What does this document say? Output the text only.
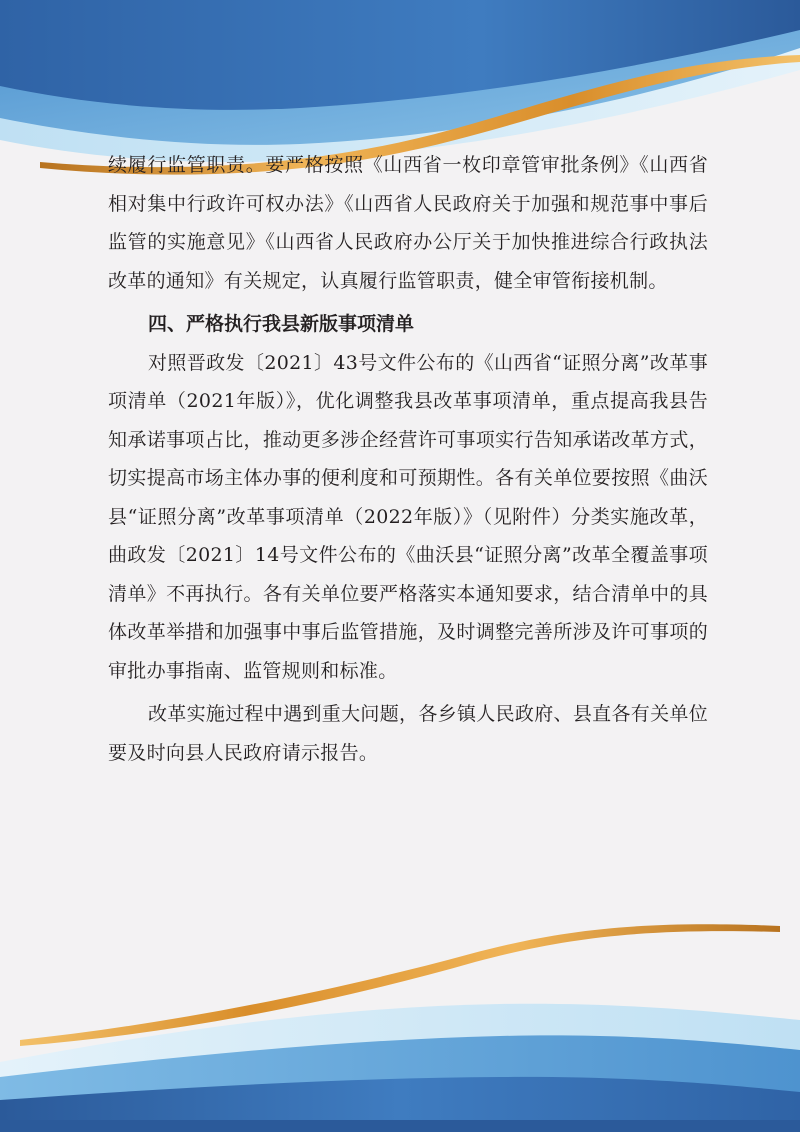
续履行监管职责。要严格按照《山西省一枚印章管审批条例》《山西省相对集中行政许可权办法》《山西省人民政府关于加强和规范事中事后监管的实施意见》《山西省人民政府办公厅关于加快推进综合行政执法改革的通知》有关规定，认真履行监管职责，健全审管衔接机制。

四、严格执行我县新版事项清单

对照晋政发〔2021〕43号文件公布的《山西省“证照分离”改革事项清单（2021年版）》，优化调整我县改革事项清单，重点提高我县告知承诺事项占比，推动更多涉企经营许可事项实行告知承诺改革方式，切实提高市场主体办事的便利度和可预期性。各有关单位要按照《曲沃县“证照分离”改革事项清单（2022年版）》（见附件）分类实施改革，曲政发〔2021〕14号文件公布的《曲沃县“证照分离”改革全覆盖事项清单》不再执行。各有关单位要严格落实本通知要求，结合清单中的具体改革举措和加强事中事后监管措施，及时调整完善所涉及许可事项的审批办事指南、监管规则和标准。

改革实施过程中遇到重大问题，各乡镇人民政府、县直各有关单位要及时向县人民政府请示报告。
